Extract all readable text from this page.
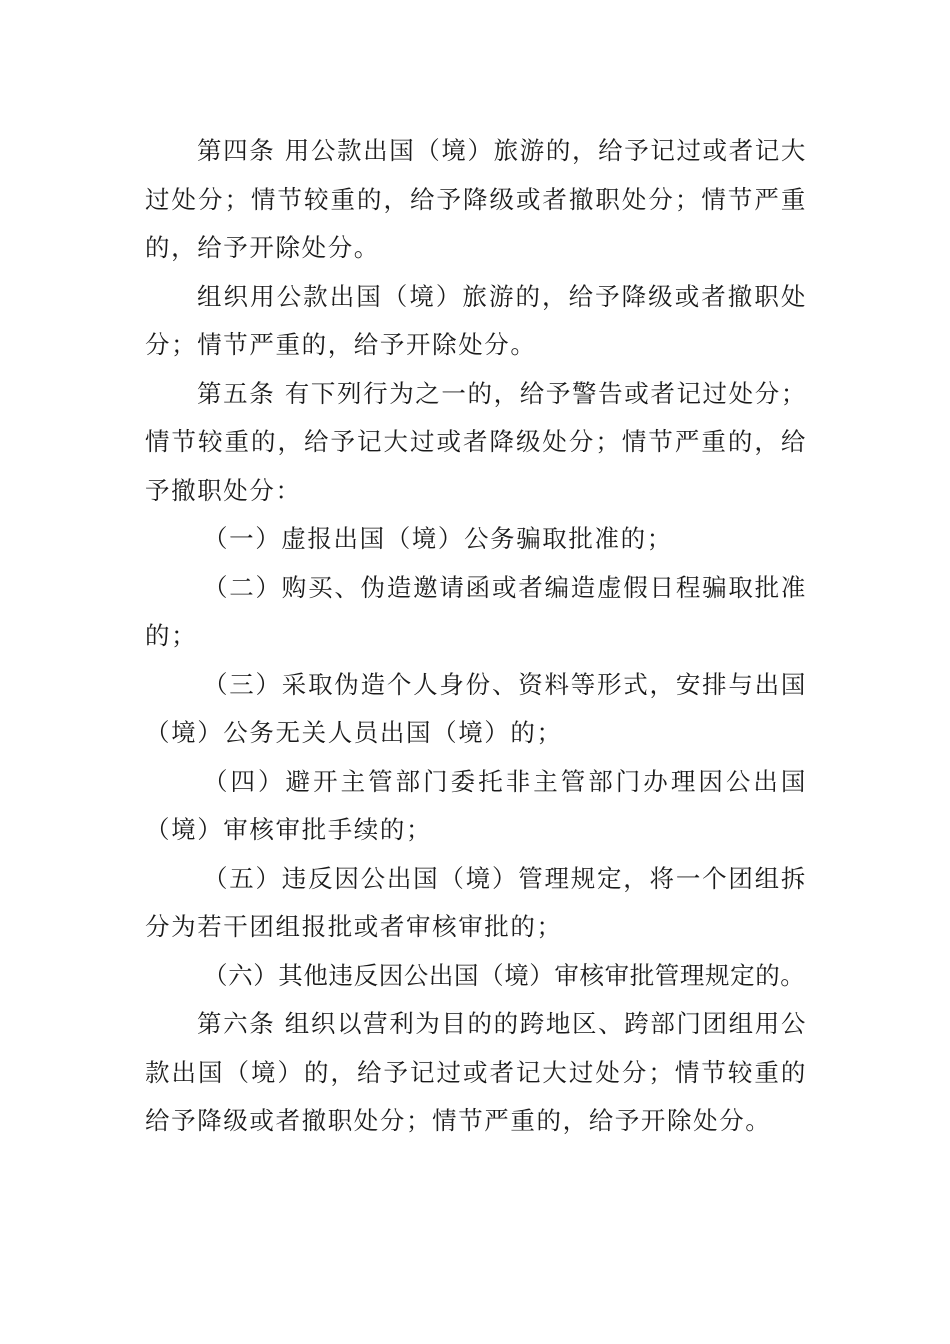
第四条 用公款出国（境）旅游的，给予记过或者记大过处分；情节较重的，给予降级或者撤职处分；情节严重的，给予开除处分。

组织用公款出国（境）旅游的，给予降级或者撤职处分；情节严重的，给予开除处分。

第五条 有下列行为之一的，给予警告或者记过处分；情节较重的，给予记大过或者降级处分；情节严重的，给予撤职处分：

（一）虚报出国（境）公务骗取批准的；

（二）购买、伪造邀请函或者编造虚假日程骗取批准的；

（三）采取伪造个人身份、资料等形式，安排与出国（境）公务无关人员出国（境）的；

（四）避开主管部门委托非主管部门办理因公出国（境）审核审批手续的；

（五）违反因公出国（境）管理规定，将一个团组拆分为若干团组报批或者审核审批的；

（六）其他违反因公出国（境）审核审批管理规定的。

第六条 组织以营利为目的的跨地区、跨部门团组用公款出国（境）的，给予记过或者记大过处分；情节较重的给予降级或者撤职处分；情节严重的，给予开除处分。
